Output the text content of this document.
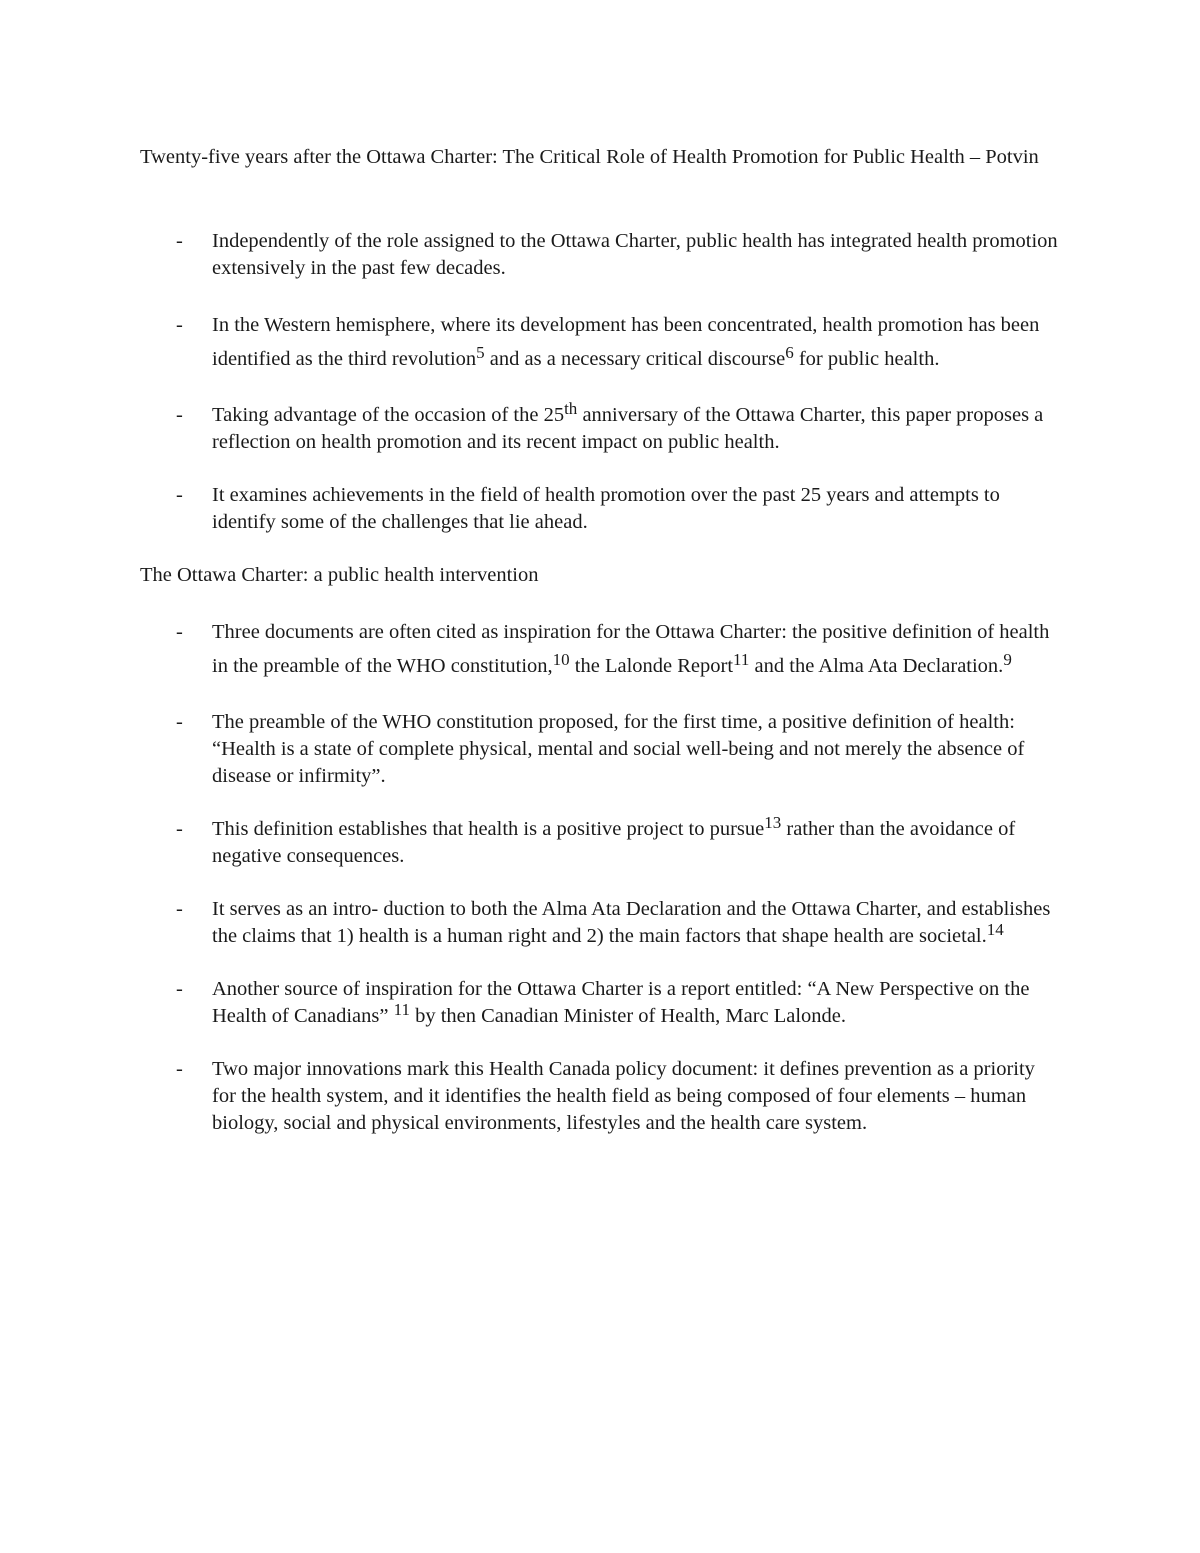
Twenty-five years after the Ottawa Charter: The Critical Role of Health Promotion for Public Health – Potvin

- Independently of the role assigned to the Ottawa Charter, public health has integrated health promotion extensively in the past few decades.
- In the Western hemisphere, where its development has been concentrated, health promotion has been identified as the third revolution$^5$ and as a necessary critical discourse$^6$ for public health.
- Taking advantage of the occasion of the 25th anniversary of the Ottawa Charter, this paper proposes a reflection on health promotion and its recent impact on public health.
- It examines achievements in the field of health promotion over the past 25 years and attempts to identify some of the challenges that lie ahead.

The Ottawa Charter: a public health intervention

- Three documents are often cited as inspiration for the Ottawa Charter: the positive definition of health in the preamble of the WHO constitution,$^{10}$ the Lalonde Report$^{11}$ and the Alma Ata Declaration.$^9$
- The preamble of the WHO constitution proposed, for the first time, a positive definition of health: “Health is a state of complete physical, mental and social well-being and not merely the absence of disease or infirmity”.
- This definition establishes that health is a positive project to pursue$^{13}$ rather than the avoidance of negative consequences.
- It serves as an intro- duction to both the Alma Ata Declaration and the Ottawa Charter, and establishes the claims that 1) health is a human right and 2) the main factors that shape health are societal.$^{14}$
- Another source of inspiration for the Ottawa Charter is a report entitled: “A New Perspective on the Health of Canadians” $^{11}$ by then Canadian Minister of Health, Marc Lalonde.
- Two major innovations mark this Health Canada policy document: it defines prevention as a priority for the health system, and it identifies the health field as being composed of four elements – human biology, social and physical environments, lifestyles and the health care system.
